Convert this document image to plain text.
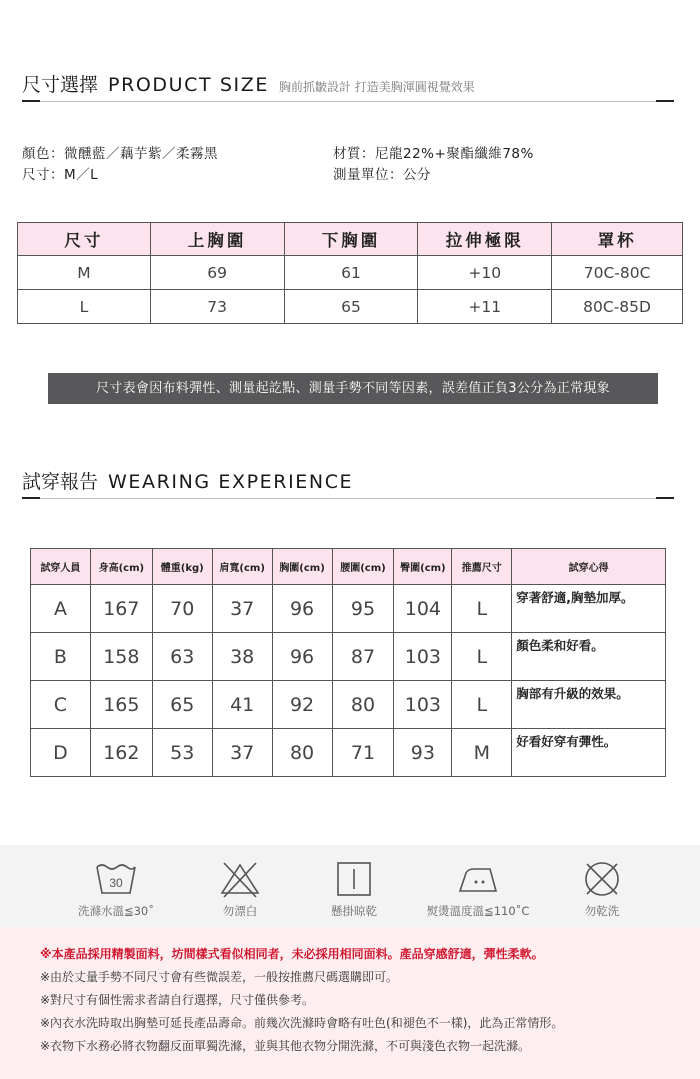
尺寸選擇 PRODUCT SIZE 胸前抓皺設計 打造美胸渾圓視覺效果
顏色：微醺藍／藕芋紫／柔霧黑
尺寸：M／L
材質：尼龍22%+聚酯纖維78%
測量單位：公分
尺寸	上胸圍	下胸圍	拉伸極限	罩杯
M	69	61	+10	70C-80C
L	73	65	+11	80C-85D
尺寸表會因布料彈性、測量起訖點、測量手勢不同等因素，誤差值正負3公分為正常現象
試穿報告 WEARING EXPERIENCE
試穿人員	身高(cm)	體重(kg)	肩寬(cm)	胸圍(cm)	腰圍(cm)	臀圍(cm)	推薦尺寸	試穿心得
A	167	70	37	96	95	104	L	穿著舒適,胸墊加厚。
B	158	63	38	96	87	103	L	顏色柔和好看。
C	165	65	41	92	80	103	L	胸部有升級的效果。
D	162	53	37	80	71	93	M	好看好穿有彈性。
30
洗滌水溫≦30˚	勿漂白	懸掛晾乾	熨燙溫度溫≦110˚C	勿乾洗
※本產品採用精製面料，坊間樣式看似相同者，未必採用相同面料。產品穿感舒適，彈性柔軟。
※由於丈量手勢不同尺寸會有些微誤差，一般按推薦尺碼選購即可。
※對尺寸有個性需求者請自行選擇，尺寸僅供參考。
※內衣水洗時取出胸墊可延長產品壽命。前幾次洗滌時會略有吐色(和褪色不一樣)，此為正常情形。
※衣物下水務必將衣物翻反面單獨洗滌，並與其他衣物分開洗滌，不可與淺色衣物一起洗滌。
